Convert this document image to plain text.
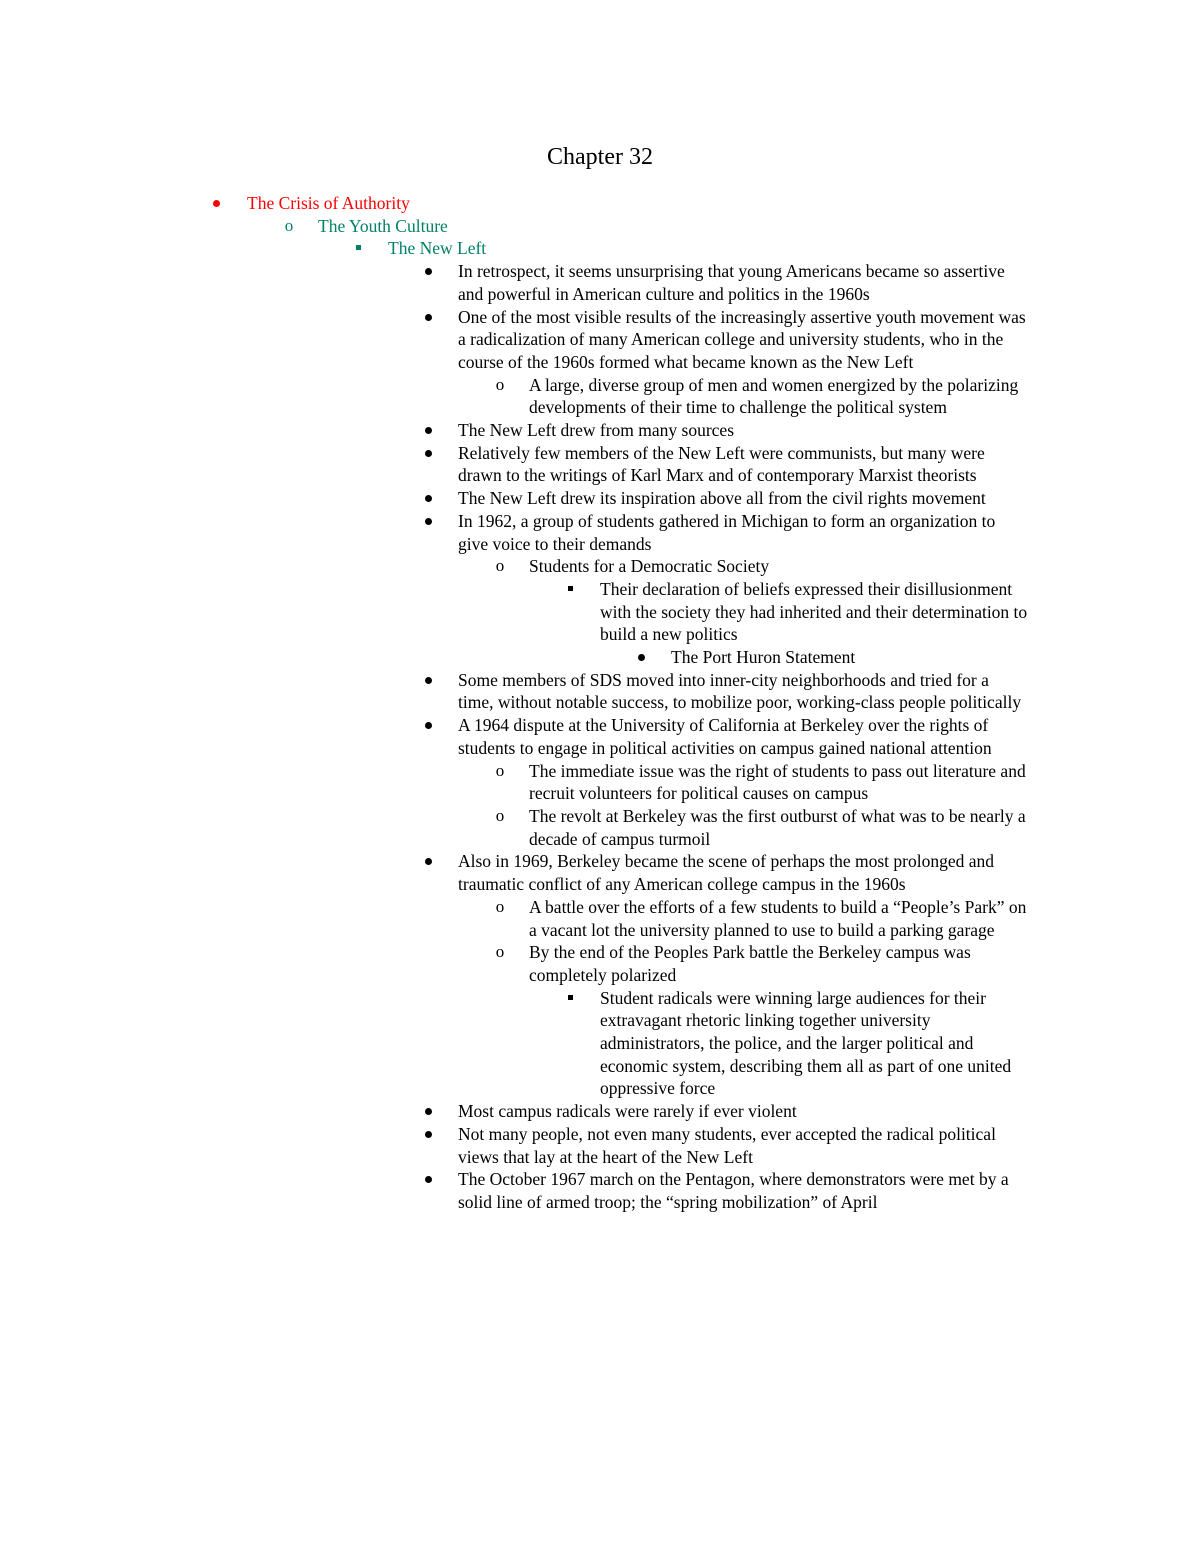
Chapter 32
The Crisis of Authority
o	The Youth Culture
The New Left
In retrospect, it seems unsurprising that young Americans became so assertive and powerful in American culture and politics in the 1960s
One of the most visible results of the increasingly assertive youth movement was a radicalization of many American college and university students, who in the course of the 1960s formed what became known as the New Left
o	A large, diverse group of men and women energized by the polarizing developments of their time to challenge the political system
The New Left drew from many sources
Relatively few members of the New Left were communists, but many were drawn to the writings of Karl Marx and of contemporary Marxist theorists
The New Left drew its inspiration above all from the civil rights movement
In 1962, a group of students gathered in Michigan to form an organization to give voice to their demands
o	Students for a Democratic Society
Their declaration of beliefs expressed their disillusionment with the society they had inherited and their determination to build a new politics
The Port Huron Statement
Some members of SDS moved into inner-city neighborhoods and tried for a time, without notable success, to mobilize poor, working-class people politically
A 1964 dispute at the University of California at Berkeley over the rights of students to engage in political activities on campus gained national attention
o	The immediate issue was the right of students to pass out literature and recruit volunteers for political causes on campus
o	The revolt at Berkeley was the first outburst of what was to be nearly a decade of campus turmoil
Also in 1969, Berkeley became the scene of perhaps the most prolonged and traumatic conflict of any American college campus in the 1960s
o	A battle over the efforts of a few students to build a “People’s Park” on a vacant lot the university planned to use to build a parking garage
o	By the end of the Peoples Park battle the Berkeley campus was completely polarized
Student radicals were winning large audiences for their extravagant rhetoric linking together university administrators, the police, and the larger political and economic system, describing them all as part of one united oppressive force
Most campus radicals were rarely if ever violent
Not many people, not even many students, ever accepted the radical political views that lay at the heart of the New Left
The October 1967 march on the Pentagon, where demonstrators were met by a solid line of armed troop; the “spring mobilization” of April
